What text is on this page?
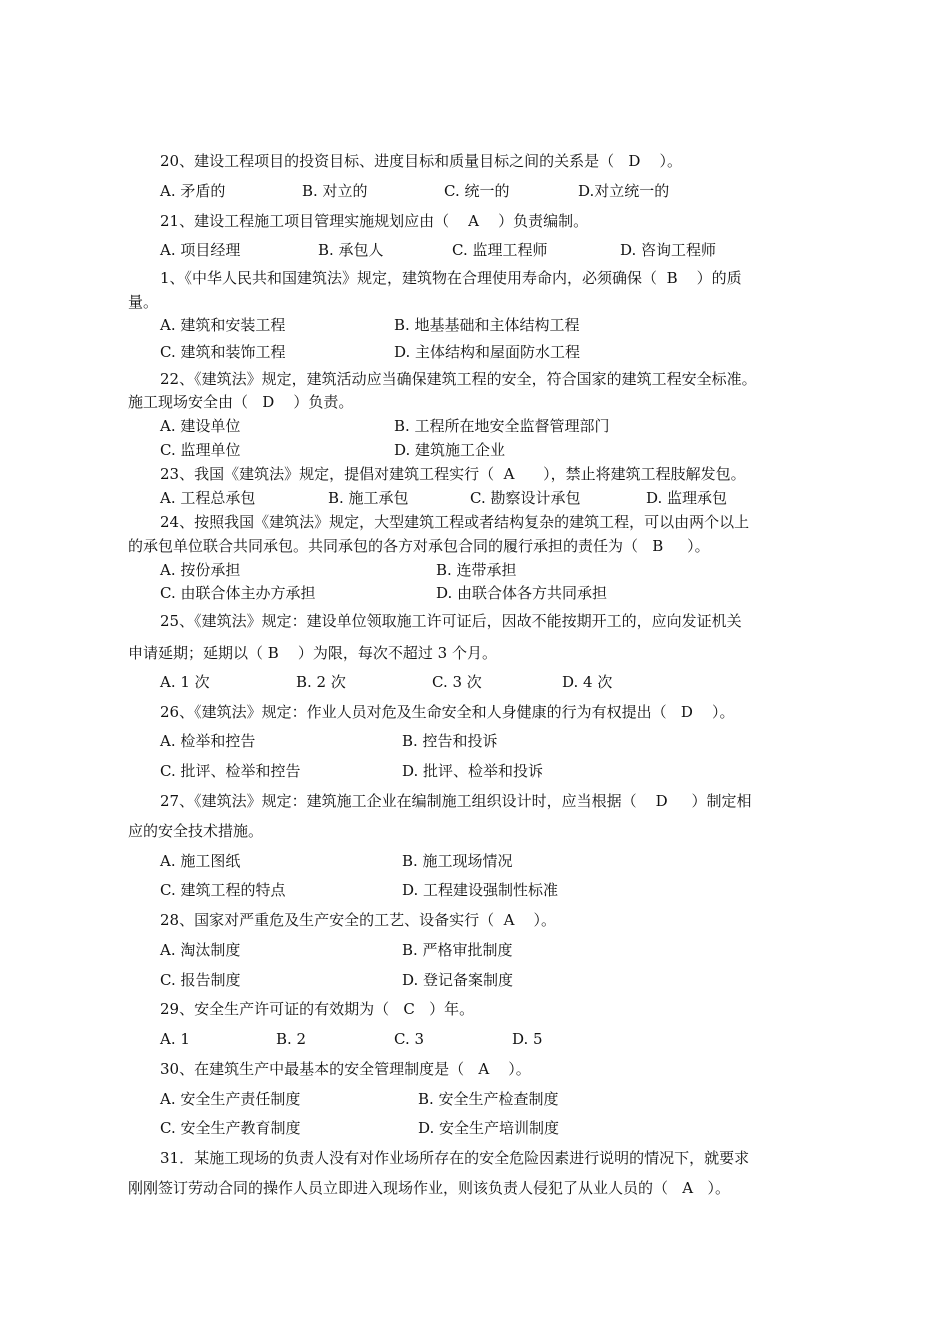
20、建设工程项目的投资目标、进度目标和质量目标之间的关系是（   D    ）。
A. 矛盾的	B. 对立的	C. 统一的	D.对立统一的
21、建设工程施工项目管理实施规划应由（    A    ）负责编制。
A. 项目经理	B. 承包人	C. 监理工程师	D. 咨询工程师
1、《中华人民共和国建筑法》规定，建筑物在合理使用寿命内，必须确保（  B    ）的质
量。
A. 建筑和安装工程	B. 地基基础和主体结构工程
C. 建筑和装饰工程	D. 主体结构和屋面防水工程
22、《建筑法》规定，建筑活动应当确保建筑工程的安全，符合国家的建筑工程安全标准。
施工现场安全由（   D    ）负责。
A. 建设单位	B. 工程所在地安全监督管理部门
C. 监理单位	D. 建筑施工企业
23、我国《建筑法》规定，提倡对建筑工程实行（  A      ），禁止将建筑工程肢解发包。
A. 工程总承包	B. 施工承包	C. 勘察设计承包	D. 监理承包
24、按照我国《建筑法》规定，大型建筑工程或者结构复杂的建筑工程，可以由两个以上
的承包单位联合共同承包。共同承包的各方对承包合同的履行承担的责任为（   B     ）。
A. 按份承担	B. 连带承担
C. 由联合体主办方承担	D. 由联合体各方共同承担
25、《建筑法》规定：建设单位领取施工许可证后，因故不能按期开工的，应向发证机关
申请延期；延期以（ B    ）为限，每次不超过 3 个月。
A. 1 次	B. 2 次	C. 3 次	D. 4 次
26、《建筑法》规定：作业人员对危及生命安全和人身健康的行为有权提出（   D    ）。
A. 检举和控告	B. 控告和投诉
C. 批评、检举和控告	D. 批评、检举和投诉
27、《建筑法》规定：建筑施工企业在编制施工组织设计时，应当根据（    D     ）制定相
应的安全技术措施。
A. 施工图纸	B. 施工现场情况
C. 建筑工程的特点	D. 工程建设强制性标准
28、国家对严重危及生产安全的工艺、设备实行（  A    ）。
A. 淘汰制度	B. 严格审批制度
C. 报告制度	D. 登记备案制度
29、安全生产许可证的有效期为（   C   ）年。
A. 1	B. 2	C. 3	D. 5
30、在建筑生产中最基本的安全管理制度是（   A    ）。
A. 安全生产责任制度	B. 安全生产检查制度
C. 安全生产教育制度	D. 安全生产培训制度
31．某施工现场的负责人没有对作业场所存在的安全危险因素进行说明的情况下，就要求
刚刚签订劳动合同的操作人员立即进入现场作业，则该负责人侵犯了从业人员的（   A   ）。
